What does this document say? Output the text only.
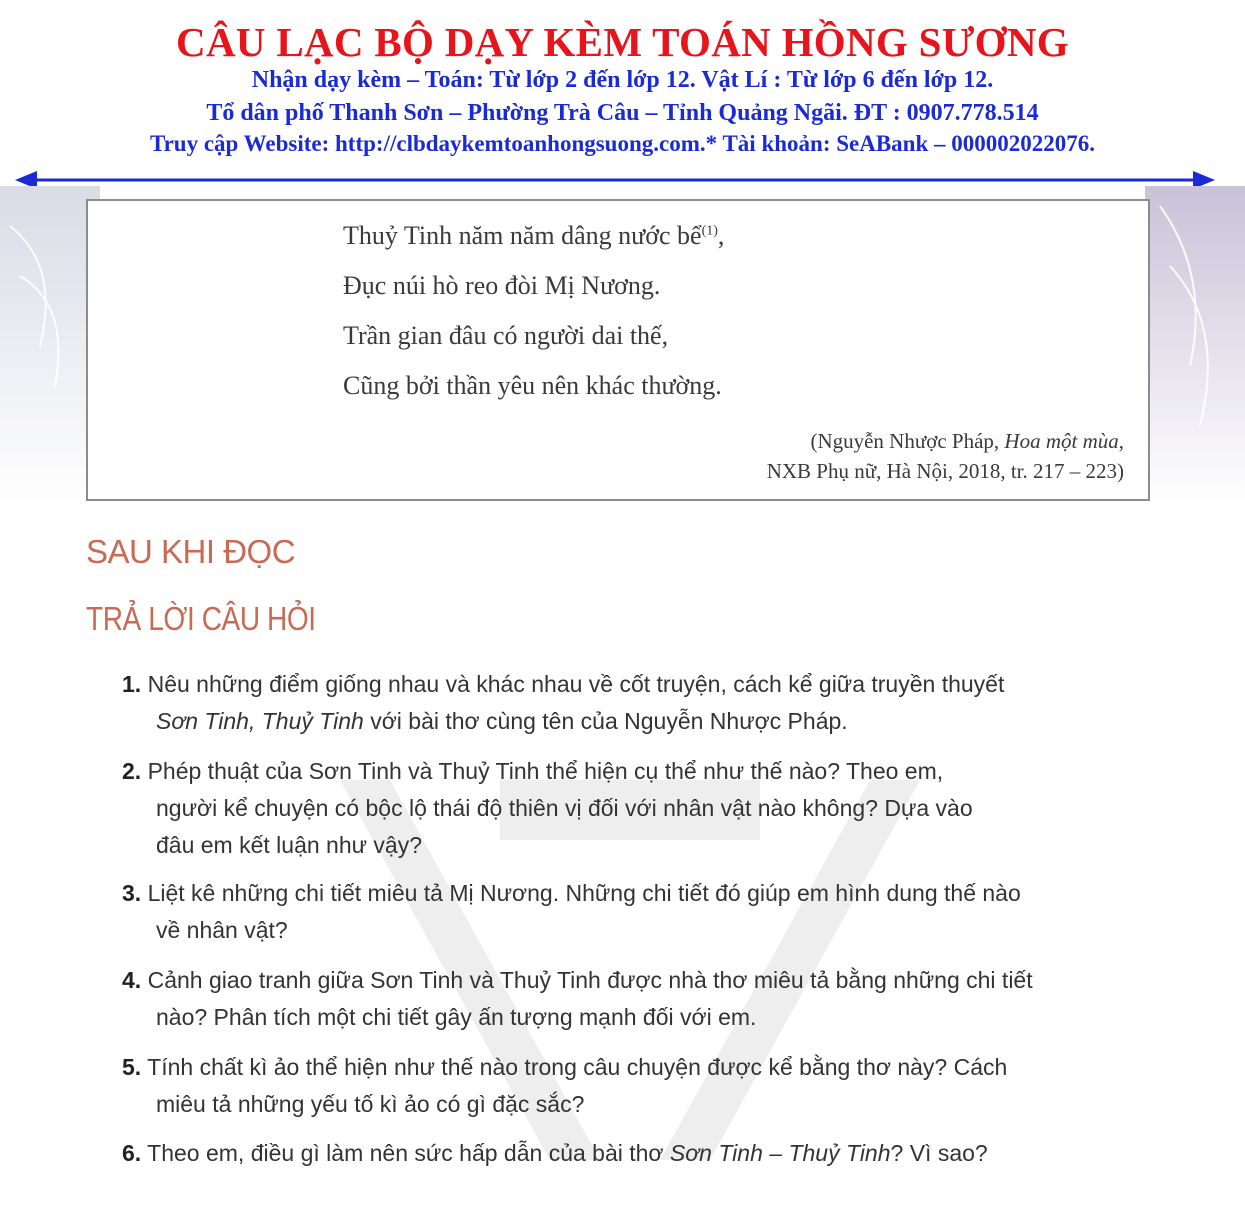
CÂU LẠC BỘ DẠY KÈM TOÁN HỒNG SƯƠNG
Nhận dạy kèm – Toán: Từ lớp 2 đến lớp 12. Vật Lí : Từ lớp 6 đến lớp 12.
Tổ dân phố Thanh Sơn – Phường Trà Câu – Tỉnh Quảng Ngãi. ĐT : 0907.778.514
Truy cập Website: http://clbdaykemtoanhongsuong.com.* Tài khoản: SeABank – 000002022076.
Thuỷ Tinh năm năm dâng nước bể$^{(1)}$,
Đục núi hò reo đòi Mị Nương.
Trần gian đâu có người dai thế,
Cũng bởi thần yêu nên khác thường.
(Nguyễn Nhược Pháp, Hoa một mùa,
NXB Phụ nữ, Hà Nội, 2018, tr. 217 – 223)
SAU KHI ĐỌC
TRẢ LỜI CÂU HỎI
1. Nêu những điểm giống nhau và khác nhau về cốt truyện, cách kể giữa truyền thuyết
Sơn Tinh, Thuỷ Tinh với bài thơ cùng tên của Nguyễn Nhược Pháp.
2. Phép thuật của Sơn Tinh và Thuỷ Tinh thể hiện cụ thể như thế nào? Theo em,
người kể chuyện có bộc lộ thái độ thiên vị đối với nhân vật nào không? Dựa vào
đâu em kết luận như vậy?
3. Liệt kê những chi tiết miêu tả Mị Nương. Những chi tiết đó giúp em hình dung thế nào
về nhân vật?
4. Cảnh giao tranh giữa Sơn Tinh và Thuỷ Tinh được nhà thơ miêu tả bằng những chi tiết
nào? Phân tích một chi tiết gây ấn tượng mạnh đối với em.
5. Tính chất kì ảo thể hiện như thế nào trong câu chuyện được kể bằng thơ này? Cách
miêu tả những yếu tố kì ảo có gì đặc sắc?
6. Theo em, điều gì làm nên sức hấp dẫn của bài thơ Sơn Tinh – Thuỷ Tinh? Vì sao?
